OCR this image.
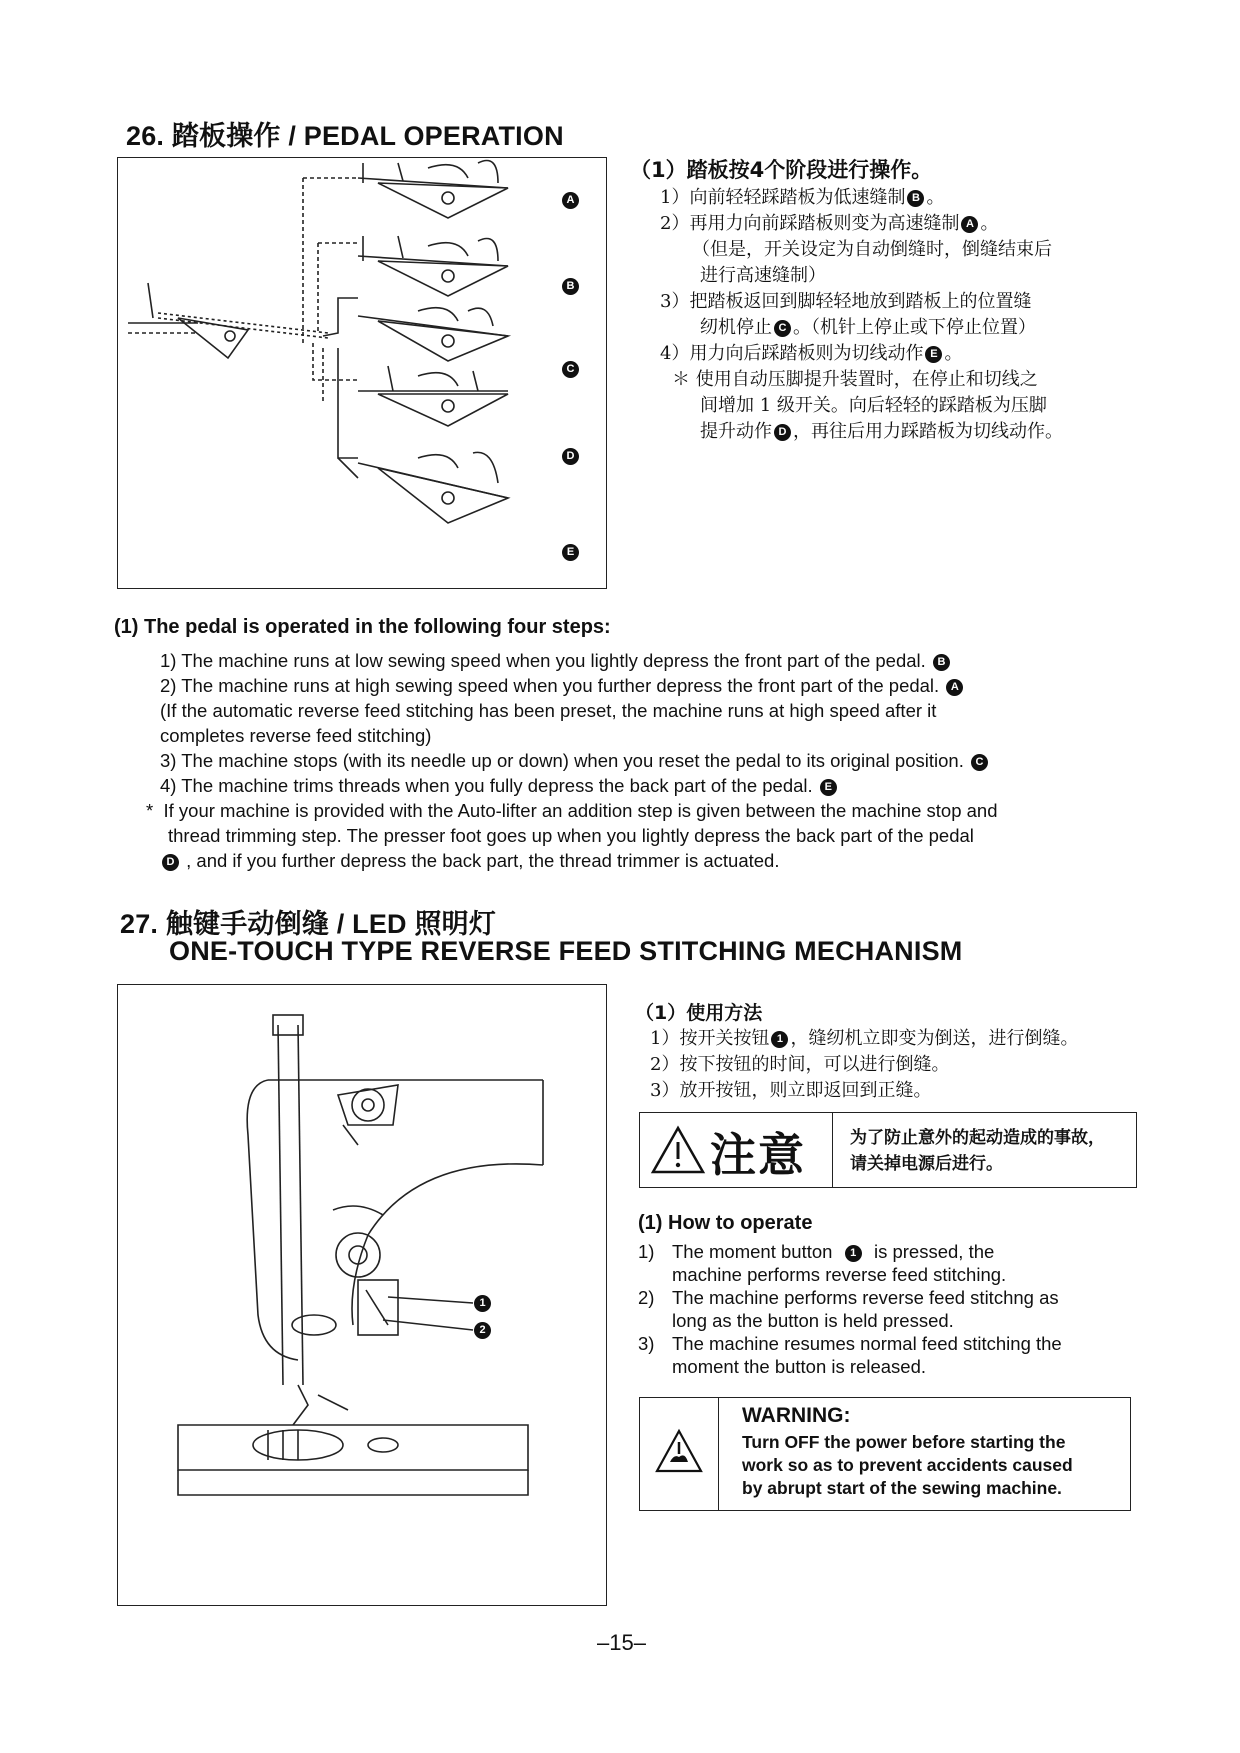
26. 踏板操作 / PEDAL OPERATION
A
B
C
D
E
（1）踏板按4个阶段进行操作。
1）向前轻轻踩踏板为低速缝制 B 。
2）再用力向前踩踏板则变为高速缝制 A 。
（但是，开关设定为自动倒缝时，倒缝结束后
进行高速缝制）
3）把踏板返回到脚轻轻地放到踏板上的位置缝
纫机停止 C 。（机针上停止或下停止位置）
4）用力向后踩踏板则为切线动作 E 。
＊ 使用自动压脚提升装置时，在停止和切线之
间增加 1 级开关。向后轻轻的踩踏板为压脚
提升动作 D ，再往后用力踩踏板为切线动作。
(1) The pedal is operated in the following four steps:
1) The machine runs at low sewing speed when you lightly depress the front part of the pedal. B
2) The machine runs at high sewing speed when you further depress the front part of the pedal. A
(If the automatic reverse feed stitching has been preset, the machine runs at high speed after it
completes reverse feed stitching)
3) The machine stops (with its needle up or down) when you reset the pedal to its original position. C
4) The machine trims threads when you fully depress the back part of the pedal. E
* If your machine is provided with the Auto-lifter an addition step is given between the machine stop and
thread trimming step. The presser foot goes up when you lightly depress the back part of the pedal
D , and if you further depress the back part, the thread trimmer is actuated.
27. 触键手动倒缝 / LED 照明灯
ONE-TOUCH TYPE REVERSE FEED STITCHING MECHANISM
1
2
（1）使用方法
1）按开关按钮 1 ，缝纫机立即变为倒送，进行倒缝。
2）按下按钮的时间，可以进行倒缝。
3）放开按钮，则立即返回到正缝。
注意	为了防止意外的起动造成的事故，
请关掉电源后进行。
(1) How to operate
1) The moment button 1 is pressed, the
machine performs reverse feed stitching.
2) The machine performs reverse feed stitchng as
long as the button is held pressed.
3) The machine resumes normal feed stitching the
moment the button is released.
WARNING:
Turn OFF the power before starting the
work so as to prevent accidents caused
by abrupt start of the sewing machine.
–15–
